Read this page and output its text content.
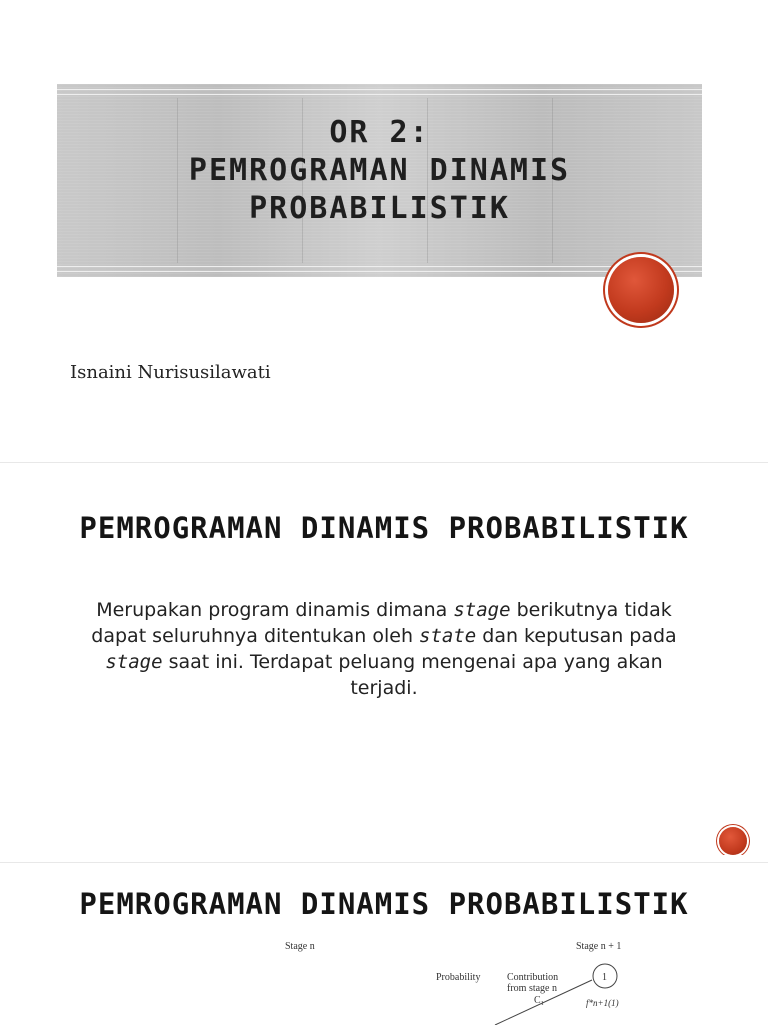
OR 2:
PEMROGRAMAN DINAMIS
PROBABILISTIK
Isnaini Nurisusilawati
PEMROGRAMAN DINAMIS PROBABILISTIK
Merupakan program dinamis dimana stage berikutnya tidak dapat seluruhnya ditentukan oleh state dan keputusan pada stage saat ini. Terdapat peluang mengenai apa yang akan terjadi.
PEMROGRAMAN DINAMIS PROBABILISTIK
Stage n	Stage n + 1
Probability	Contribution
from stage n
1
C₁	f*n+1(1)
